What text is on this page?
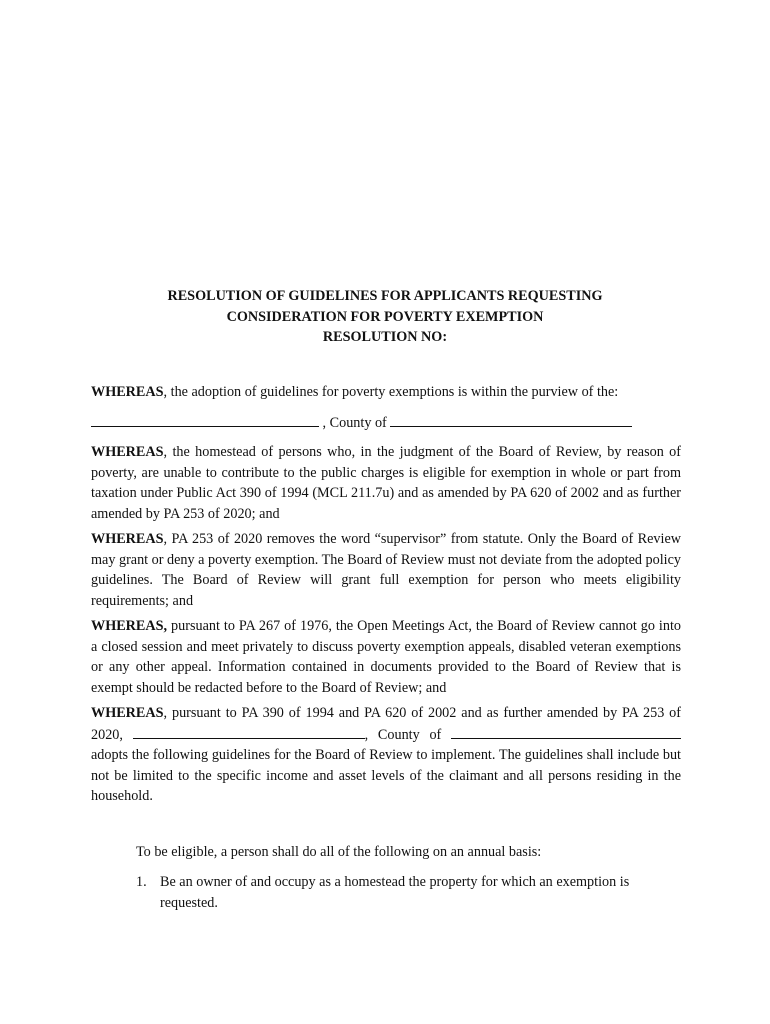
RESOLUTION OF GUIDELINES FOR APPLICANTS REQUESTING
CONSIDERATION FOR POVERTY EXEMPTION
RESOLUTION NO:

WHEREAS, the adoption of guidelines for poverty exemptions is within the purview of the:

, County of

WHEREAS, the homestead of persons who, in the judgment of the Board of Review, by reason of poverty, are unable to contribute to the public charges is eligible for exemption in whole or part from taxation under Public Act 390 of 1994 (MCL 211.7u) and as amended by PA 620 of 2002 and as further amended by PA 253 of 2020; and

WHEREAS, PA 253 of 2020 removes the word “supervisor” from statute. Only the Board of Review may grant or deny a poverty exemption. The Board of Review must not deviate from the adopted policy guidelines. The Board of Review will grant full exemption for person who meets eligibility requirements; and

WHEREAS, pursuant to PA 267 of 1976, the Open Meetings Act, the Board of Review cannot go into a closed session and meet privately to discuss poverty exemption appeals, disabled veteran exemptions or any other appeal. Information contained in documents provided to the Board of Review that is exempt should be redacted before to the Board of Review; and

WHEREAS, pursuant to PA 390 of 1994 and PA 620 of 2002 and as further amended by PA 253 of 2020,	, County of  adopts the following guidelines for the Board of Review to implement. The guidelines shall include but not be limited to the specific income and asset levels of the claimant and all persons residing in the household.

To be eligible, a person shall do all of the following on an annual basis:

1. Be an owner of and occupy as a homestead the property for which an exemption is requested.
